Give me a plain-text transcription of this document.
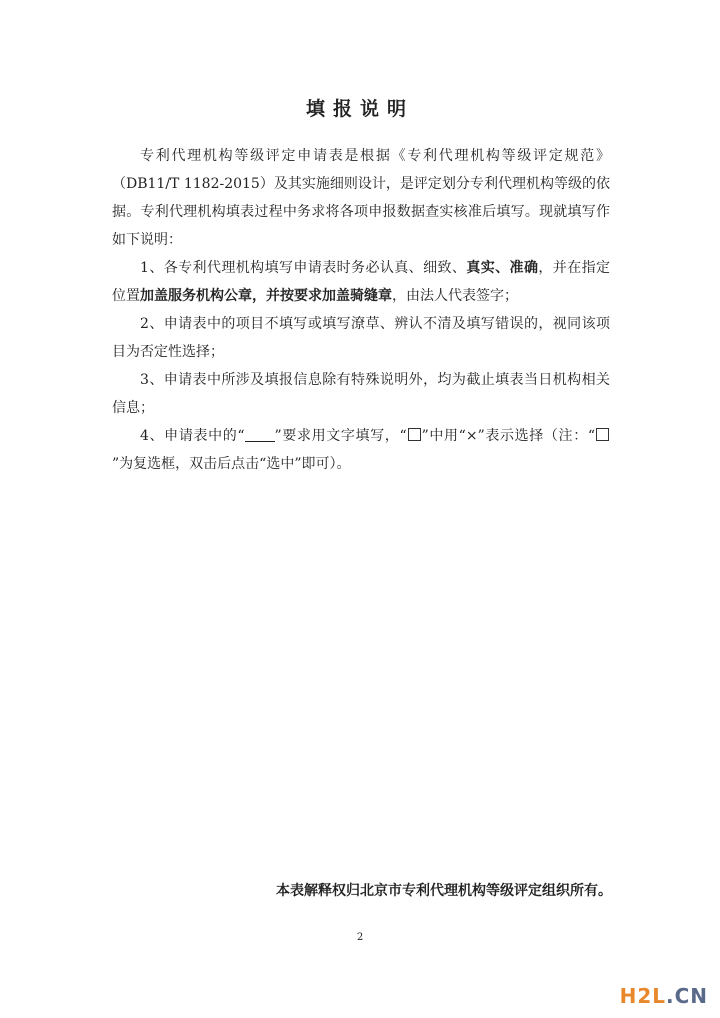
填报说明

专利代理机构等级评定申请表是根据《专利代理机构等级评定规范》（DB11/T 1182-2015）及其实施细则设计，是评定划分专利代理机构等级的依据。专利代理机构填表过程中务求将各项申报数据查实核准后填写。现就填写作如下说明：

1、各专利代理机构填写申请表时务必认真、细致、真实、准确，并在指定位置加盖服务机构公章，并按要求加盖骑缝章，由法人代表签字；

2、申请表中的项目不填写或填写潦草、辨认不清及填写错误的，视同该项目为否定性选择；

3、申请表中所涉及填报信息除有特殊说明外，均为截止填表当日机构相关信息；

4、申请表中的“ ”要求用文字填写，“ ”中用“×”表示选择（注：“”为复选框，双击后点击“选中”即可）。

本表解释权归北京市专利代理机构等级评定组织所有。
2
H2L.CN
